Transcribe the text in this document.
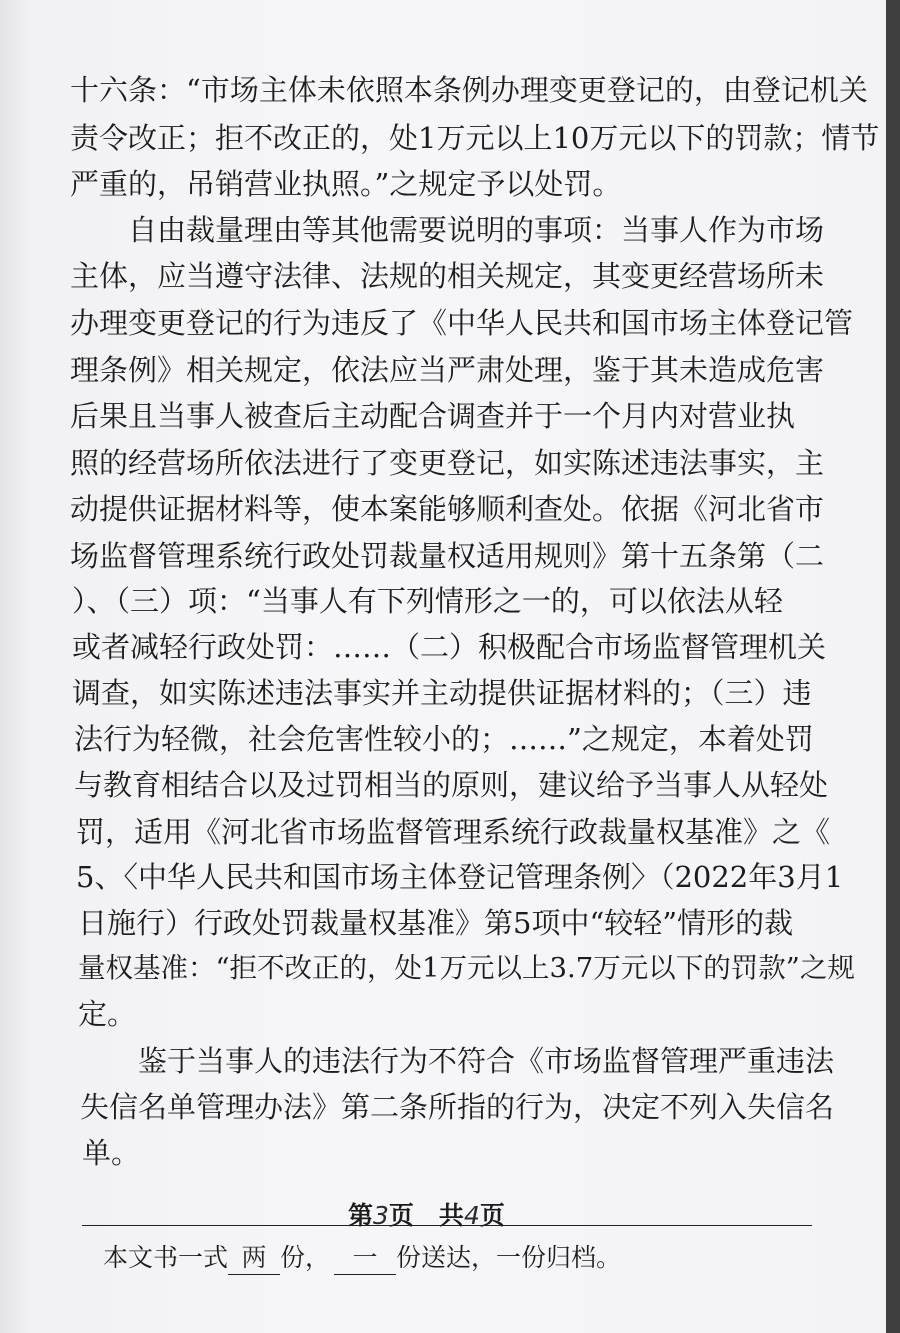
十六条：“市场主体未依照本条例办理变更登记的，由登记机关
责令改正；拒不改正的，处1万元以上10万元以下的罚款；情节
严重的，吊销营业执照。”之规定予以处罚。
　　自由裁量理由等其他需要说明的事项：当事人作为市场
主体，应当遵守法律、法规的相关规定，其变更经营场所未
办理变更登记的行为违反了《中华人民共和国市场主体登记管
理条例》相关规定，依法应当严肃处理，鉴于其未造成危害
后果且当事人被查后主动配合调查并于一个月内对营业执
照的经营场所依法进行了变更登记，如实陈述违法事实，主
动提供证据材料等，使本案能够顺利查处。依据《河北省市
场监督管理系统行政处罚裁量权适用规则》第十五条第（二
）、（三）项：“当事人有下列情形之一的，可以依法从轻
或者减轻行政处罚：……（二）积极配合市场监督管理机关
调查，如实陈述违法事实并主动提供证据材料的；（三）违
法行为轻微，社会危害性较小的；……”之规定，本着处罚
与教育相结合以及过罚相当的原则，建议给予当事人从轻处
罚，适用《河北省市场监督管理系统行政裁量权基准》之《
5、〈中华人民共和国市场主体登记管理条例〉（2022年3月1
日施行）行政处罚裁量权基准》第5项中“较轻”情形的裁
量权基准：“拒不改正的，处1万元以上3.7万元以下的罚款”之规
定。
　　鉴于当事人的违法行为不符合《市场监督管理严重违法
失信名单管理办法》第二条所指的行为，决定不列入失信名
单。
第3页　共4页
本文书一式 两 份， 一 份送达，一份归档。
